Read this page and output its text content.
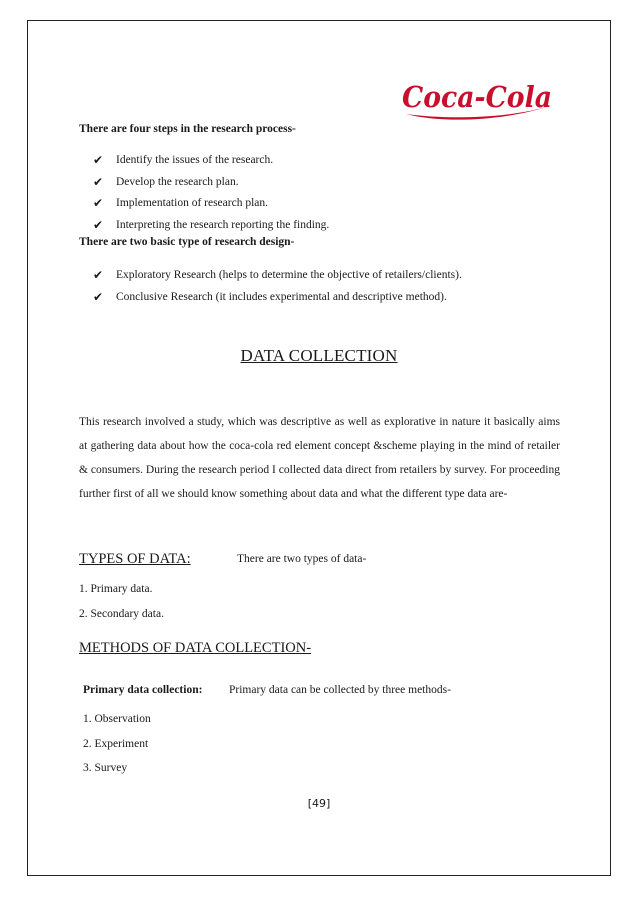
Coca-Cola
There are four steps in the research process-
✔ Identify the issues of the research.
✔ Develop the research plan.
✔ Implementation of research plan.
✔ Interpreting the research reporting the finding.
There are two basic type of research design-
✔ Exploratory Research (helps to determine the objective of retailers/clients).
✔ Conclusive Research (it includes experimental and descriptive method).
DATA COLLECTION

This research involved a study, which was descriptive as well as explorative in nature it basically aims at gathering data about how the coca-cola red element concept &scheme playing in the mind of retailer & consumers. During the research period I collected data direct from retailers by survey. For proceeding further first of all we should know something about data and what the different type data are-

TYPES OF DATA:	There are two types of data-
1. Primary data.
2. Secondary data.
METHODS OF DATA COLLECTION-
Primary data collection: Primary data can be collected by three methods-
1. Observation
2. Experiment
3. Survey
[49]
